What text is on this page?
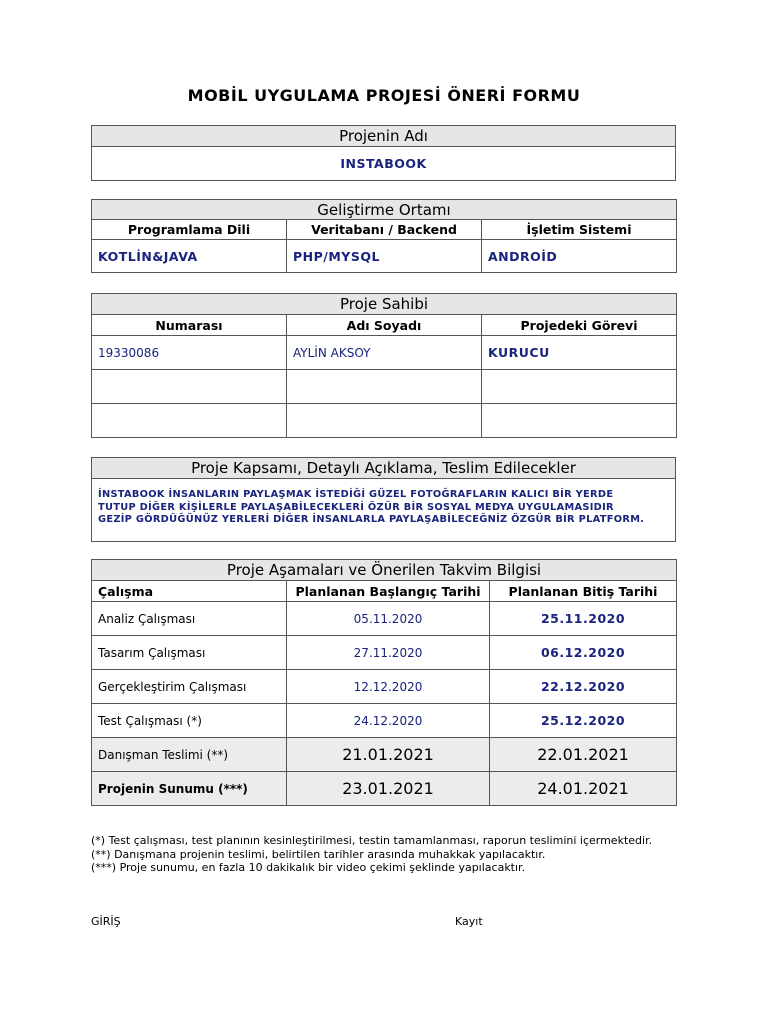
MOBİL UYGULAMA PROJESİ ÖNERİ FORMU
Projenin Adı
INSTABOOK
Geliştirme Ortamı		
Programlama Dili	Veritabanı / Backend	İşletim Sistemi
KOTLİN&JAVA	PHP/MYSQL	ANDROİD
Proje Sahibi		
Numarası	Adı Soyadı	Projedeki Görevi
19330086	AYLİN AKSOY	KURUCU

Proje Kapsamı, Detaylı Açıklama, Teslim Edilecekler

İNSTABOOK İNSANLARIN PAYLAŞMAK İSTEDİĞİ GÜZEL FOTOĞRAFLARIN KALICI BİR YERDE
TUTUP DİĞER KİŞİLERLE PAYLAŞABİLECEKLERİ ÖZÜR BİR SOSYAL MEDYA UYGULAMASIDIR
GEZİP GÖRDÜĞÜNÜZ YERLERİ DİĞER İNSANLARLA PAYLAŞABİLECEĞNİZ ÖZGÜR BİR PLATFORM.
Proje Aşamaları ve Önerilen Takvim Bilgisi		
Çalışma	Planlanan Başlangıç Tarihi	Planlanan Bitiş Tarihi
Analiz Çalışması	05.11.2020	25.11.2020
Tasarım Çalışması	27.11.2020	06.12.2020
Gerçekleştirim Çalışması	12.12.2020	22.12.2020
Test Çalışması (*)	24.12.2020	25.12.2020
Danışman Teslimi (**)	21.01.2021	22.01.2021
Projenin Sunumu (***)	23.01.2021	24.01.2021

(*) Test çalışması, test planının kesinleştirilmesi, testin tamamlanması, raporun teslimini içermektedir.

(**) Danışmana projenin teslimi, belirtilen tarihler arasında muhakkak yapılacaktır.

(***) Proje sunumu, en fazla 10 dakikalık bir video çekimi şeklinde yapılacaktır.

GİRİŞ	Kayıt
